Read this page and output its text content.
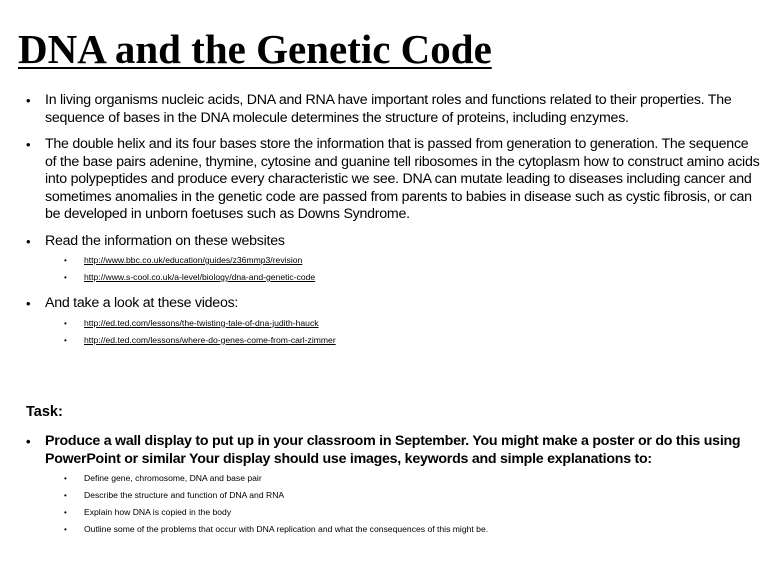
DNA and the Genetic Code
• In living organisms nucleic acids, DNA and RNA have important roles and functions related to their properties. The sequence of bases in the DNA molecule determines the structure of proteins, including enzymes.
• The double helix and its four bases store the information that is passed from generation to generation. The sequence of the base pairs adenine, thymine, cytosine and guanine tell ribosomes in the cytoplasm how to construct amino acids into polypeptides and produce every characteristic we see. DNA can mutate leading to diseases including cancer and sometimes anomalies in the genetic code are passed from parents to babies in disease such as cystic fibrosis, or can be developed in unborn foetuses such as Downs Syndrome.
• Read the information on these websites
• http://www.bbc.co.uk/education/guides/z36mmp3/revision
• http://www.s-cool.co.uk/a-level/biology/dna-and-genetic-code
• And take a look at these videos:
• http://ed.ted.com/lessons/the-twisting-tale-of-dna-judith-hauck
• http://ed.ted.com/lessons/where-do-genes-come-from-carl-zimmer
Task:
• Produce a wall display to put up in your classroom in September. You might make a poster or do this using PowerPoint or similar Your display should use images, keywords and simple explanations to:
• Define gene, chromosome, DNA and base pair
• Describe the structure and function of DNA and RNA
• Explain how DNA is copied in the body
• Outline some of the problems that occur with DNA replication and what the consequences of this might be.
